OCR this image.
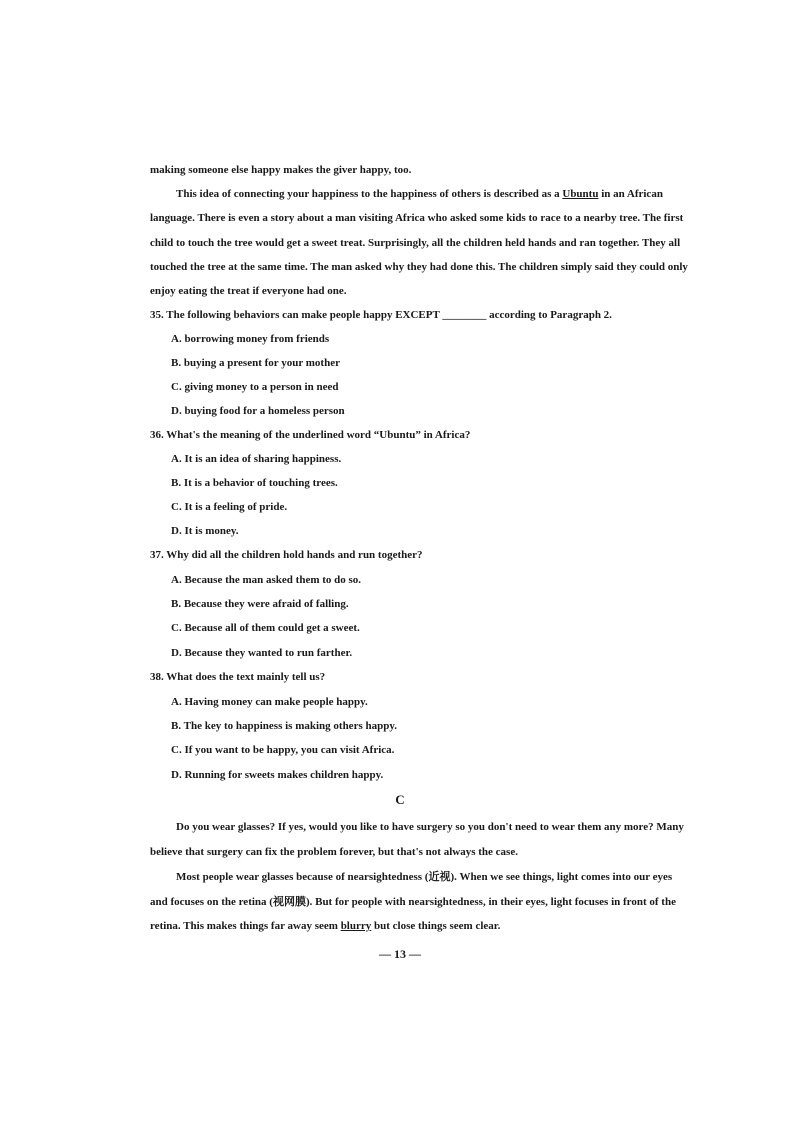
making someone else happy makes the giver happy, too.
This idea of connecting your happiness to the happiness of others is described as a Ubuntu in an African
language. There is even a story about a man visiting Africa who asked some kids to race to a nearby tree. The first
child to touch the tree would get a sweet treat. Surprisingly, all the children held hands and ran together. They all
touched the tree at the same time. The man asked why they had done this. The children simply said they could only
enjoy eating the treat if everyone had one.
35. The following behaviors can make people happy EXCEPT ________ according to Paragraph 2.
A. borrowing money from friends
B. buying a present for your mother
C. giving money to a person in need
D. buying food for a homeless person
36. What's the meaning of the underlined word “Ubuntu” in Africa?
A. It is an idea of sharing happiness.
B. It is a behavior of touching trees.
C. It is a feeling of pride.
D. It is money.
37. Why did all the children hold hands and run together?
A. Because the man asked them to do so.
B. Because they were afraid of falling.
C. Because all of them could get a sweet.
D. Because they wanted to run farther.
38. What does the text mainly tell us?
A. Having money can make people happy.
B. The key to happiness is making others happy.
C. If you want to be happy, you can visit Africa.
D. Running for sweets makes children happy.
C
Do you wear glasses? If yes, would you like to have surgery so you don't need to wear them any more? Many
believe that surgery can fix the problem forever, but that's not always the case.
Most people wear glasses because of nearsightedness (近视). When we see things, light comes into our eyes
and focuses on the retina (视网膜). But for people with nearsightedness, in their eyes, light focuses in front of the
retina. This makes things far away seem blurry but close things seem clear.
— 13 —
